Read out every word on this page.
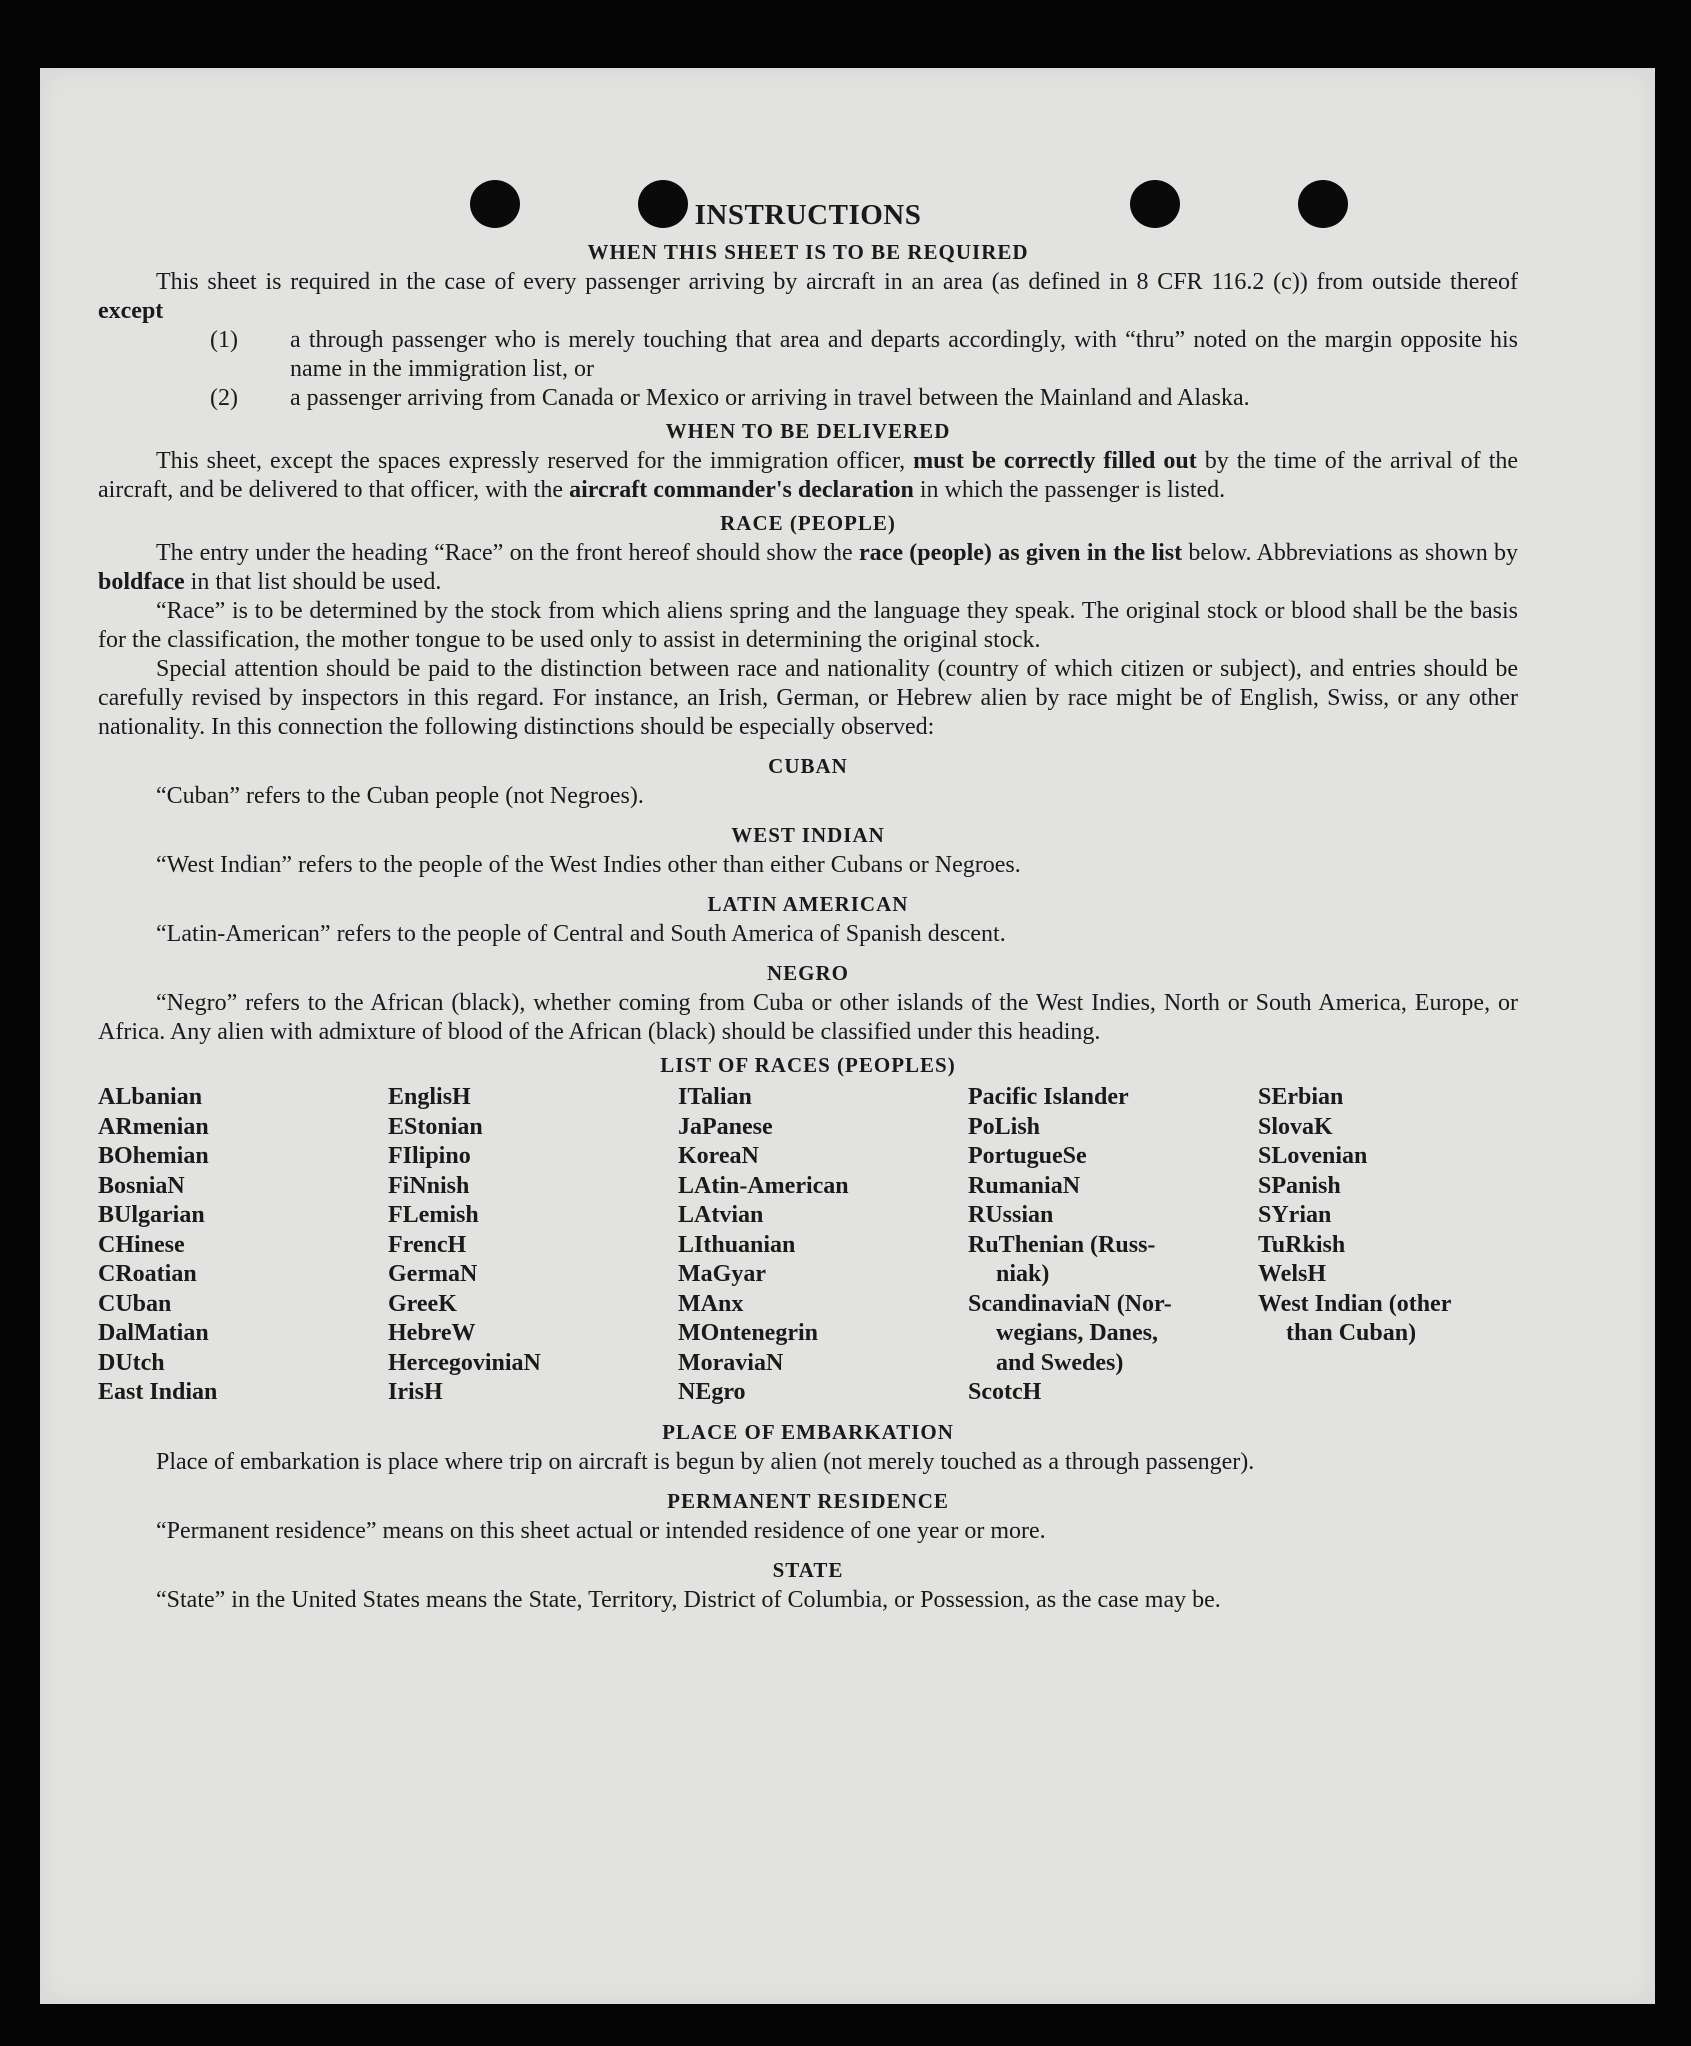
INSTRUCTIONS
WHEN THIS SHEET IS TO BE REQUIRED

This sheet is required in the case of every passenger arriving by aircraft in an area (as defined in 8 CFR 116.2 (c)) from outside thereof except

(1)	a through passenger who is merely touching that area and departs accordingly, with “thru” noted on the margin opposite his name in the immigration list, or
(2)	a passenger arriving from Canada or Mexico or arriving in travel between the Mainland and Alaska.
WHEN TO BE DELIVERED

This sheet, except the spaces expressly reserved for the immigration officer, must be correctly filled out by the time of the arrival of the aircraft, and be delivered to that officer, with the aircraft commander's declaration in which the passenger is listed.

RACE (PEOPLE)

The entry under the heading “Race” on the front hereof should show the race (people) as given in the list below. Abbreviations as shown by boldface in that list should be used.

“Race” is to be determined by the stock from which aliens spring and the language they speak. The original stock or blood shall be the basis for the classification, the mother tongue to be used only to assist in determining the original stock.

Special attention should be paid to the distinction between race and nationality (country of which citizen or subject), and entries should be carefully revised by inspectors in this regard. For instance, an Irish, German, or Hebrew alien by race might be of English, Swiss, or any other nationality. In this connection the following distinctions should be especially observed:

CUBAN

“Cuban” refers to the Cuban people (not Negroes).

WEST INDIAN

“West Indian” refers to the people of the West Indies other than either Cubans or Negroes.

LATIN AMERICAN

“Latin-American” refers to the people of Central and South America of Spanish descent.

NEGRO

“Negro” refers to the African (black), whether coming from Cuba or other islands of the West Indies, North or South America, Europe, or Africa. Any alien with admixture of blood of the African (black) should be classified under this heading.

LIST OF RACES (PEOPLES)
ALbanian
ARmenian
BOhemian
BosniaN
BUlgarian
CHinese
CRoatian
CUban
DalMatian
DUtch
East Indian
EnglisH
EStonian
FIlipino
FiNnish
FLemish
FrencH
GermaN
GreeK
HebreW
HercegoviniaN
IrisH
ITalian
JaPanese
KoreaN
LAtin-American
LAtvian
LIthuanian
MaGyar
MAnx
MOntenegrin
MoraviaN
NEgro
Pacific Islander
PoLish
PortugueSe
RumaniaN
RUssian
RuThenian (Russ-
niak)
ScandinaviaN (Nor-
wegians, Danes,
and Swedes)
ScotcH
SErbian
SlovaK
SLovenian
SPanish
SYrian
TuRkish
WelsH
West Indian (other
than Cuban)
PLACE OF EMBARKATION

Place of embarkation is place where trip on aircraft is begun by alien (not merely touched as a through passenger).

PERMANENT RESIDENCE

“Permanent residence” means on this sheet actual or intended residence of one year or more.

STATE

“State” in the United States means the State, Territory, District of Columbia, or Possession, as the case may be.
